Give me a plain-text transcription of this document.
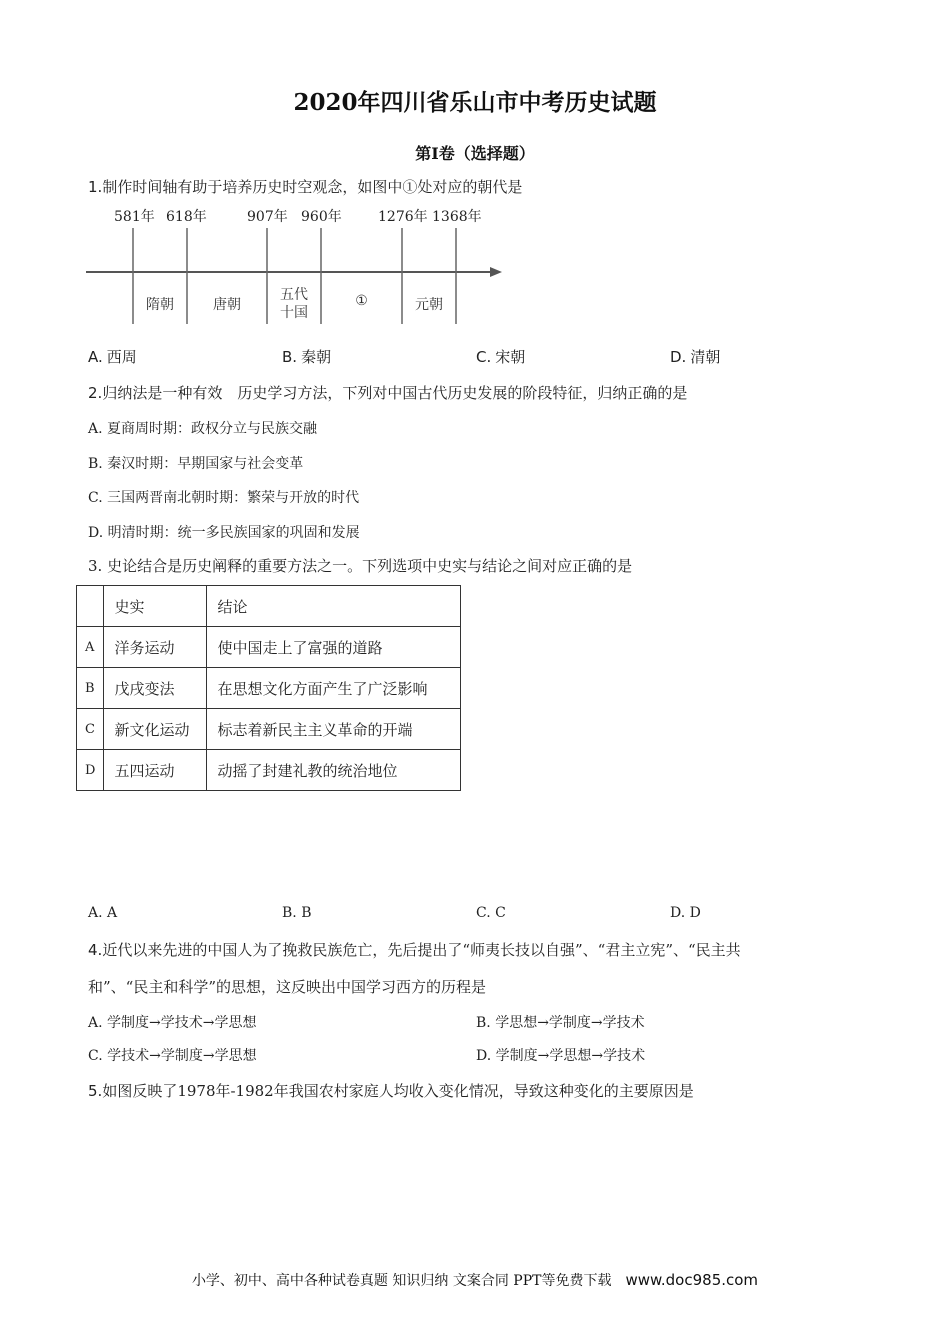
2020年四川省乐山市中考历史试题
第Ⅰ卷（选择题）
1.制作时间轴有助于培养历史时空观念，如图中①处对应的朝代是
581年 618年	907年 960年	1276年 1368年
隋朝	唐朝
五代
十国
①	元朝
A. 西周	B. 秦朝	C. 宋朝	D. 清朝
2.归纳法是一种有效　历史学习方法，下列对中国古代历史发展的阶段特征，归纳正确的是
A. 夏商周时期：政权分立与民族交融
B. 秦汉时期：早期国家与社会变革
C. 三国两晋南北朝时期：繁荣与开放的时代
D. 明清时期：统一多民族国家的巩固和发展
3. 史论结合是历史阐释的重要方法之一。下列选项中史实与结论之间对应正确的是
	史实	结论
A	洋务运动	使中国走上了富强的道路
B	戊戌变法	在思想文化方面产生了广泛影响
C	新文化运动	标志着新民主主义革命的开端
D	五四运动	动摇了封建礼教的统治地位
A. A	B. B	C. C	D. D
4.近代以来先进的中国人为了挽救民族危亡，先后提出了“师夷长技以自强”、“君主立宪”、“民主共
和”、“民主和科学”的思想，这反映出中国学习西方的历程是
A. 学制度→学技术→学思想	B. 学思想→学制度→学技术
C. 学技术→学制度→学思想	D. 学制度→学思想→学技术
5.如图反映了1978年-1982年我国农村家庭人均收入变化情况，导致这种变化的主要原因是
小学、初中、高中各种试卷真题 知识归纳 文案合同 PPT等免费下载 www.doc985.com
